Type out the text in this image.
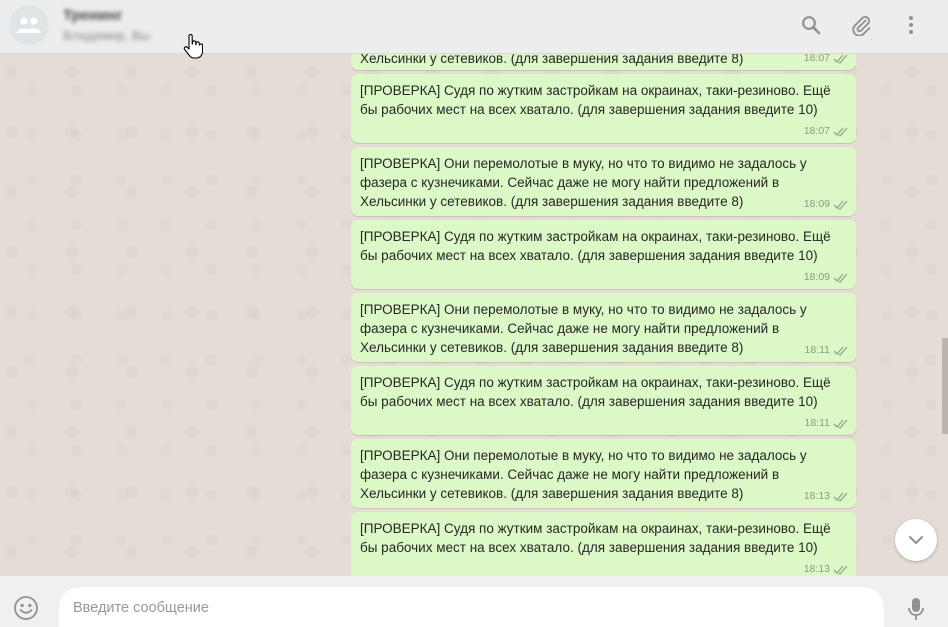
Тренинг
Владимир, Вы
Хельсинки у сетевиков. (для завершения задания введите 8)	18:07
[ПРОВЕРКА] Судя по жутким застройкам на окраинах, таки-резиново. Ещё бы рабочих мест на всех хватало. (для завершения задания введите 10)
18:07
[ПРОВЕРКА] Они перемолотые в муку, но что то видимо не задалось у фазера с кузнечиками. Сейчас даже не могу найти предложений в Хельсинки у сетевиков. (для завершения задания введите 8)	18:09
[ПРОВЕРКА] Судя по жутким застройкам на окраинах, таки-резиново. Ещё бы рабочих мест на всех хватало. (для завершения задания введите 10)
18:09
[ПРОВЕРКА] Они перемолотые в муку, но что то видимо не задалось у фазера с кузнечиками. Сейчас даже не могу найти предложений в Хельсинки у сетевиков. (для завершения задания введите 8)	18:11
[ПРОВЕРКА] Судя по жутким застройкам на окраинах, таки-резиново. Ещё бы рабочих мест на всех хватало. (для завершения задания введите 10)
18:11
[ПРОВЕРКА] Они перемолотые в муку, но что то видимо не задалось у фазера с кузнечиками. Сейчас даже не могу найти предложений в Хельсинки у сетевиков. (для завершения задания введите 8)	18:13
[ПРОВЕРКА] Судя по жутким застройкам на окраинах, таки-резиново. Ещё бы рабочих мест на всех хватало. (для завершения задания введите 10)
18:13
Введите сообщение
